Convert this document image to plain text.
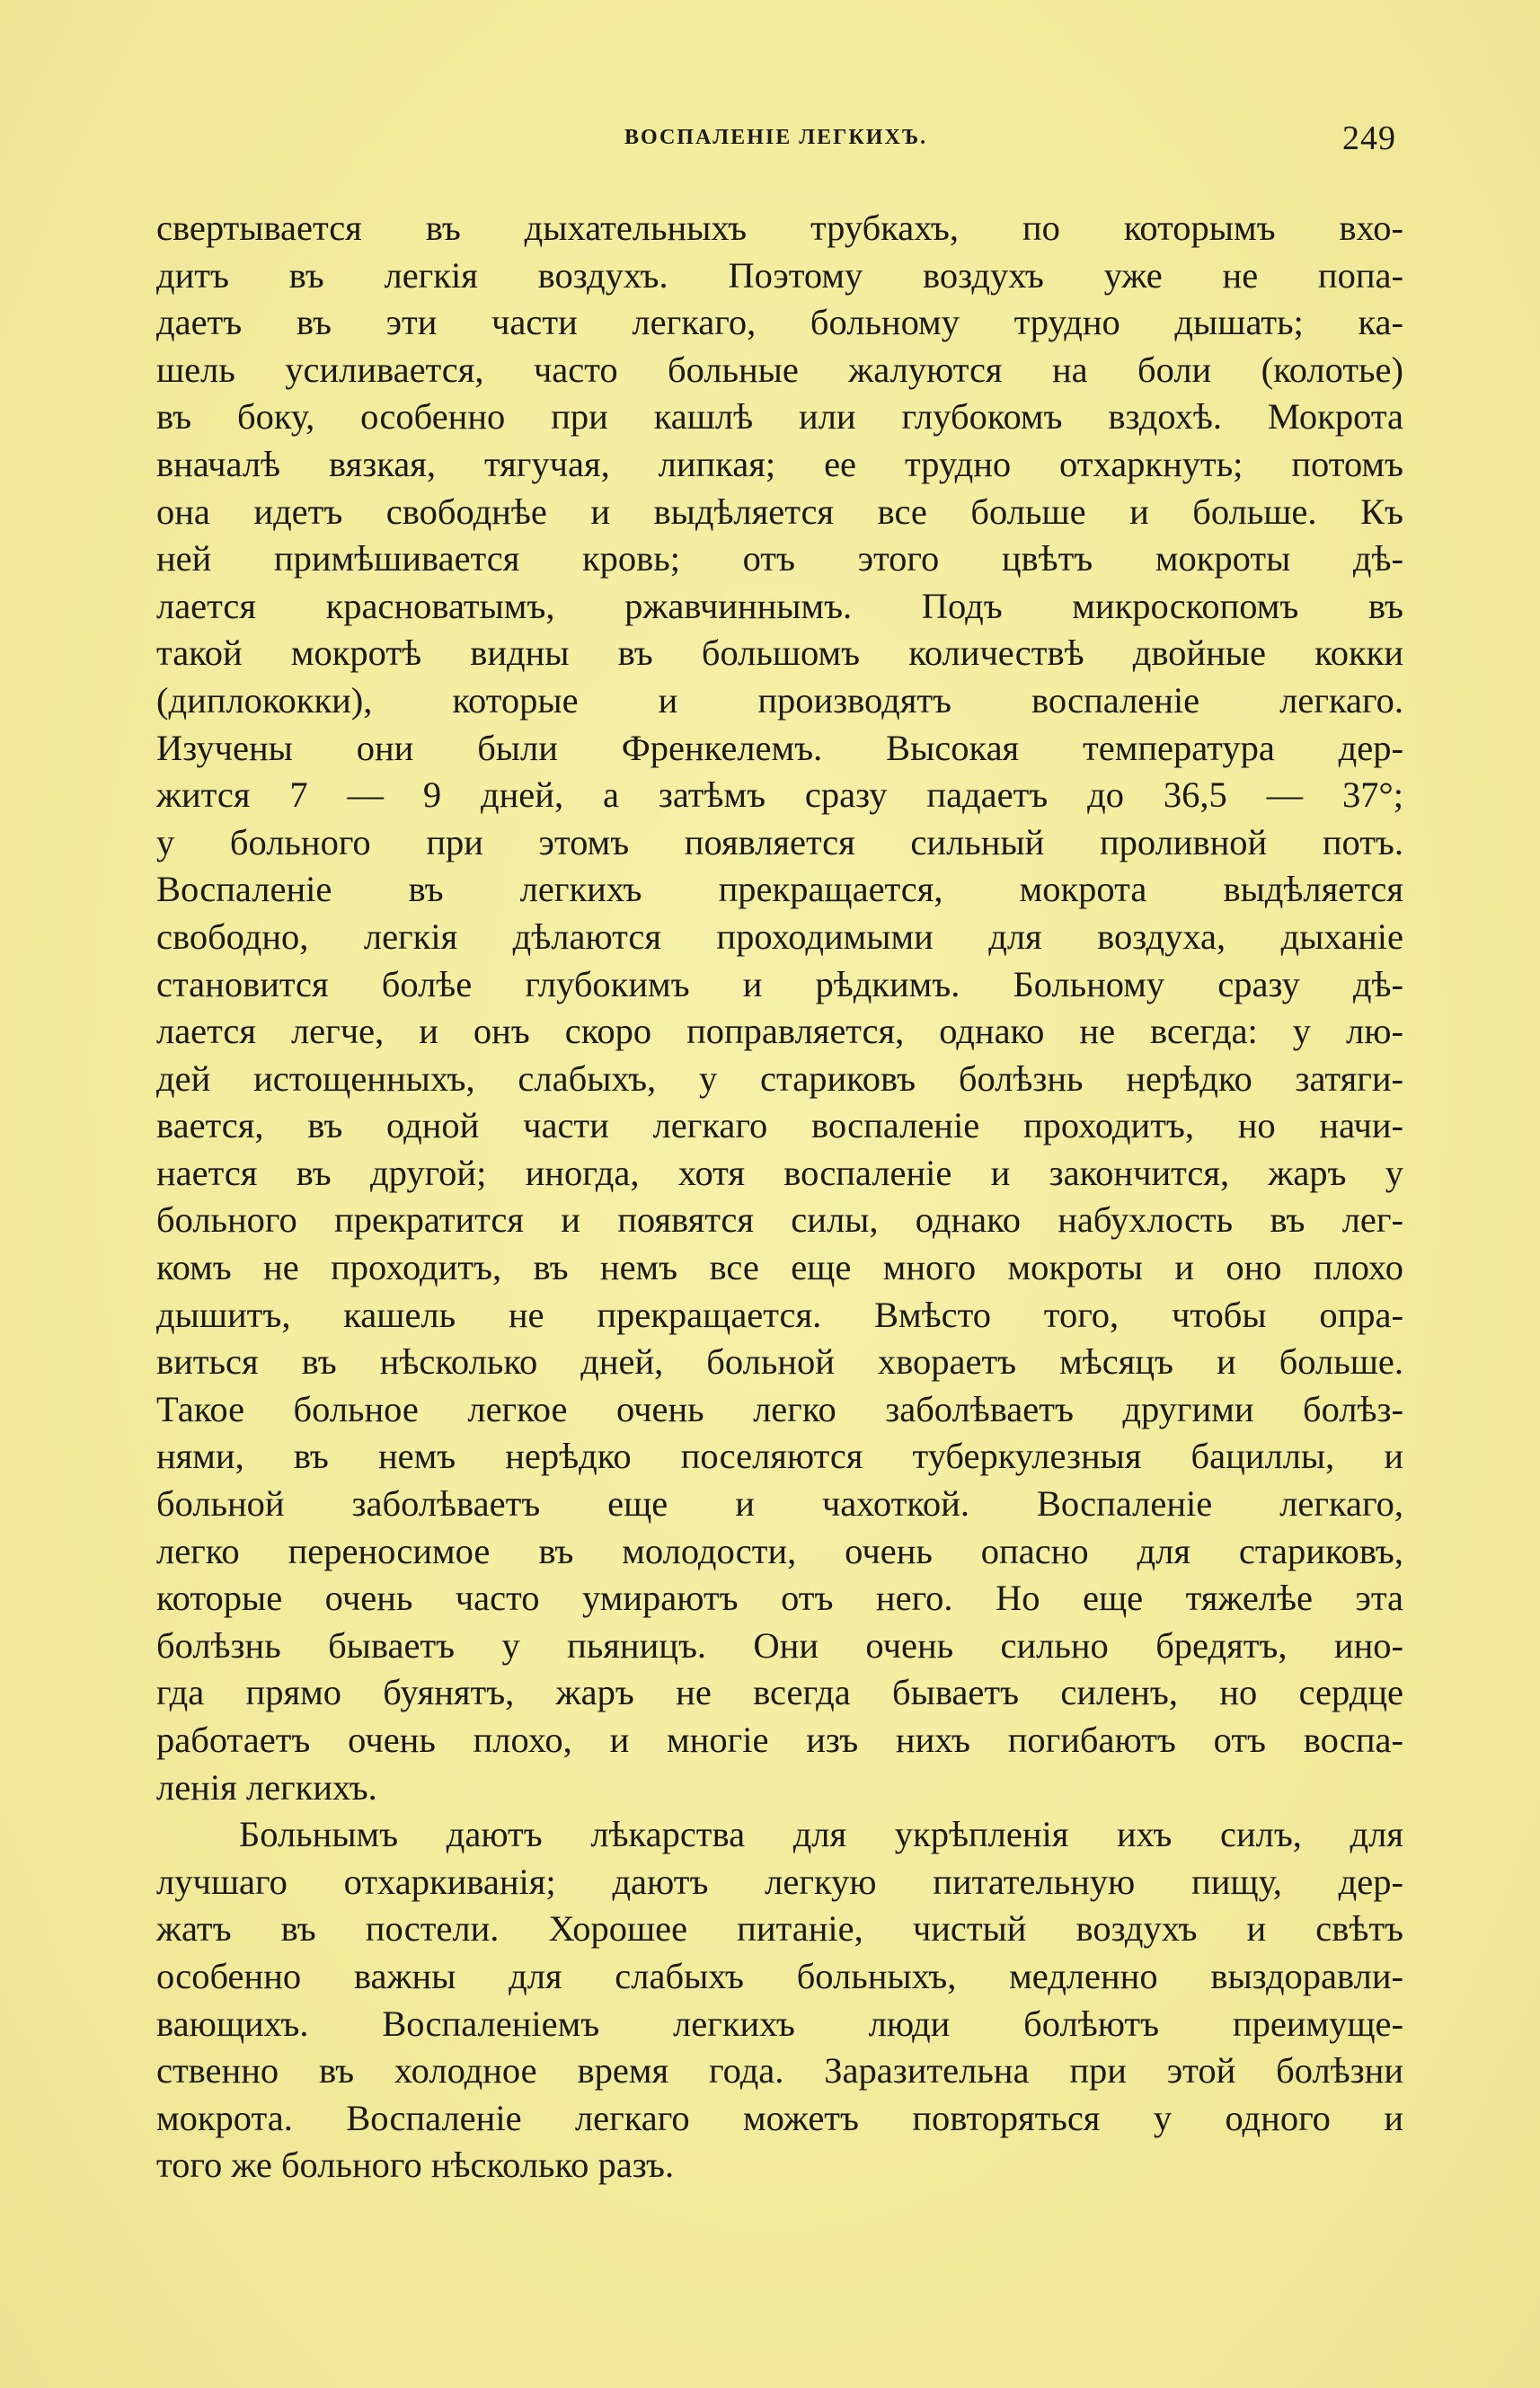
ВОСПАЛЕНІЕ ЛЕГКИХЪ.	249
свертывается въ дыхательныхъ трубкахъ, по которымъ вхо-
дитъ въ легкія воздухъ. Поэтому воздухъ уже не попа-
даетъ въ эти части легкаго, больному трудно дышать; ка-
шель усиливается, часто больные жалуются на боли (колотье)
въ боку, особенно при кашлѣ или глубокомъ вздохѣ. Мокрота
вначалѣ вязкая, тягучая, липкая; ее трудно отхаркнуть; потомъ
она идетъ свободнѣе и выдѣляется все больше и больше. Къ
ней примѣшивается кровь; отъ этого цвѣтъ мокроты дѣ-
лается красноватымъ, ржавчиннымъ. Подъ микроскопомъ въ
такой мокротѣ видны въ большомъ количествѣ двойные кокки
(диплококки), которые и производятъ воспаленіе легкаго.
Изучены они были Френкелемъ. Высокая температура дер-
жится 7 — 9 дней, а затѣмъ сразу падаетъ до 36,5 — 37°;
у больного при этомъ появляется сильный проливной потъ.
Воспаленіе въ легкихъ прекращается, мокрота выдѣляется
свободно, легкія дѣлаются проходимыми для воздуха, дыханіе
становится болѣе глубокимъ и рѣдкимъ. Больному сразу дѣ-
лается легче, и онъ скоро поправляется, однако не всегда: у лю-
дей истощенныхъ, слабыхъ, у стариковъ болѣзнь нерѣдко затяги-
вается, въ одной части легкаго воспаленіе проходитъ, но начи-
нается въ другой; иногда, хотя воспаленіе и закончится, жаръ у
больного прекратится и появятся силы, однако набухлость въ лег-
комъ не проходитъ, въ немъ все еще много мокроты и оно плохо
дышитъ, кашель не прекращается. Вмѣсто того, чтобы опра-
виться въ нѣсколько дней, больной хвораетъ мѣсяцъ и больше.
Такое больное легкое очень легко заболѣваетъ другими болѣз-
нями, въ немъ нерѣдко поселяются туберкулезныя бациллы, и
больной заболѣваетъ еще и чахоткой. Воспаленіе легкаго,
легко переносимое въ молодости, очень опасно для стариковъ,
которые очень часто умираютъ отъ него. Но еще тяжелѣе эта
болѣзнь бываетъ у пьяницъ. Они очень сильно бредятъ, ино-
гда прямо буянятъ, жаръ не всегда бываетъ силенъ, но сердце
работаетъ очень плохо, и многіе изъ нихъ погибаютъ отъ воспа-
ленія легкихъ.
Больнымъ даютъ лѣкарства для укрѣпленія ихъ силъ, для
лучшаго отхаркиванія; даютъ легкую питательную пищу, дер-
жатъ въ постели. Хорошее питаніе, чистый воздухъ и свѣтъ
особенно важны для слабыхъ больныхъ, медленно выздоравли-
вающихъ. Воспаленіемъ легкихъ люди болѣютъ преимуще-
ственно въ холодное время года. Заразительна при этой болѣзни
мокрота. Воспаленіе легкаго можетъ повторяться у одного и
того же больного нѣсколько разъ.
